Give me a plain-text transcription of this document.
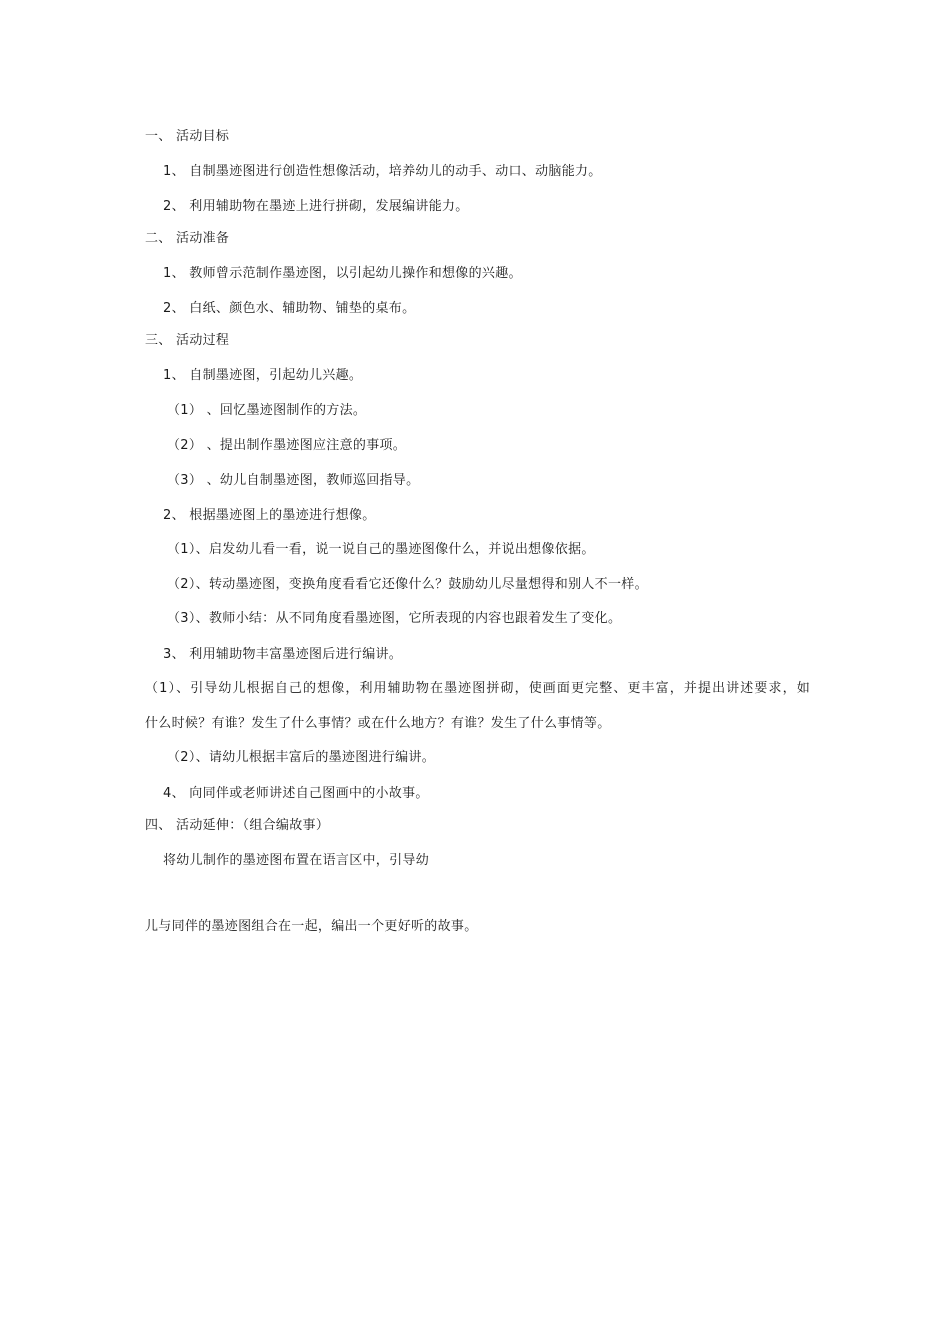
一、 活动目标
1、 自制墨迹图进行创造性想像活动，培养幼儿的动手、动口、动脑能力。
2、 利用辅助物在墨迹上进行拼砌，发展编讲能力。
二、 活动准备
1、 教师曾示范制作墨迹图，以引起幼儿操作和想像的兴趣。
2、 白纸、颜色水、辅助物、铺垫的桌布。
三、 活动过程
1、 自制墨迹图，引起幼儿兴趣。
（1） 、回忆墨迹图制作的方法。
（2） 、提出制作墨迹图应注意的事项。
（3） 、幼儿自制墨迹图，教师巡回指导。
2、 根据墨迹图上的墨迹进行想像。
（1）、启发幼儿看一看，说一说自己的墨迹图像什么，并说出想像依据。
（2）、转动墨迹图，变换角度看看它还像什么？鼓励幼儿尽量想得和别人不一样。
（3）、教师小结：从不同角度看墨迹图，它所表现的内容也跟着发生了变化。
3、 利用辅助物丰富墨迹图后进行编讲。
（1）、引导幼儿根据自己的想像，利用辅助物在墨迹图拼砌，使画面更完整、更丰富，并提出讲述要求，如
什么时候？有谁？发生了什么事情？或在什么地方？有谁？发生了什么事情等。
（2）、请幼儿根据丰富后的墨迹图进行编讲。
4、 向同伴或老师讲述自己图画中的小故事。
四、 活动延伸：（组合编故事）
将幼儿制作的墨迹图布置在语言区中，引导幼
儿与同伴的墨迹图组合在一起，编出一个更好听的故事。
